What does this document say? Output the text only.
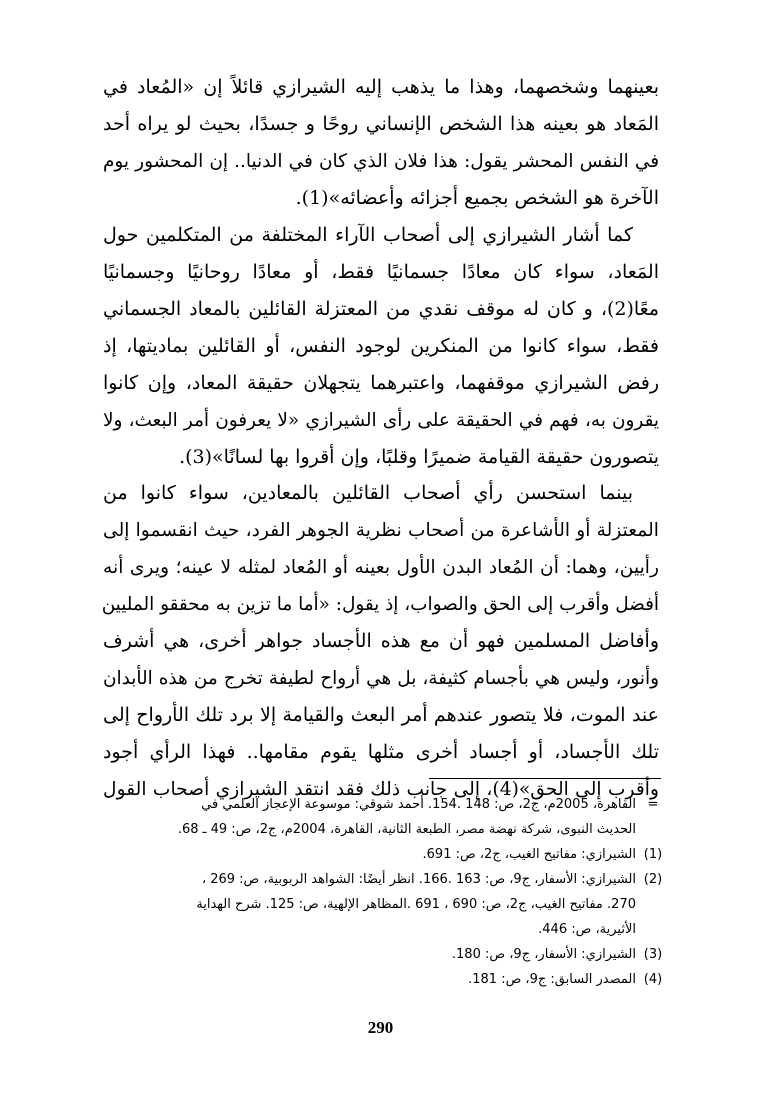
بعينهما وشخصهما، وهذا ما يذهب إليه الشيرازي قائلاً إن «المُعاد في
المَعاد هو بعينه هذا الشخص الإنساني روحًا و جسدًا، بحيث لو يراه أحد
في النفس المحشر يقول: هذا فلان الذي كان في الدنيا.. إن المحشور يوم
الآخرة هو الشخص بجميع أجزائه وأعضائه»(1).
كما أشار الشيرازي إلى أصحاب الآراء المختلفة من المتكلمين حول
المَعاد، سواء كان معادًا جسمانيًا فقط، أو معادًا روحانيًا وجسمانيًا
معًا(2)، و كان له موقف نقدي من المعتزلة القائلين بالمعاد الجسماني
فقط، سواء كانوا من المنكرين لوجود النفس، أو القائلين بماديتها، إذ
رفض الشيرازي موقفهما، واعتبرهما يتجهلان حقيقة المعاد، وإن كانوا
يقرون به، فهم في الحقيقة على رأى الشيرازي «لا يعرفون أمر البعث، ولا
يتصورون حقيقة القيامة ضميرًا وقلبًا، وإن أقروا بها لسانًا»(3).
بينما استحسن رأي أصحاب القائلين بالمعادين، سواء كانوا من
المعتزلة أو الأشاعرة من أصحاب نظرية الجوهر الفرد، حيث انقسموا إلى
رأيين، وهما: أن المُعاد البدن الأول بعينه أو المُعاد لمثله لا عينه؛ ويرى أنه
أفضل وأقرب إلى الحق والصواب، إذ يقول: «أما ما تزين به محققو المليين
وأفاضل المسلمين فهو أن مع هذه الأجساد جواهر أخرى، هي أشرف
وأنور، وليس هي بأجسام كثيفة، بل هي أرواح لطيفة تخرج من هذه الأبدان
عند الموت، فلا يتصور عندهم أمر البعث والقيامة إلا برد تلك الأرواح إلى
تلك الأجساد، أو أجساد أخرى مثلها يقوم مقامها.. فهذا الرأي أجود
وأقرب إلى الحق»(4)، إلى جانب ذلك فقد انتقد الشيرازي أصحاب القول
=
القاهرة، 2005م، ج2، ص: 148 .154. أحمد شوقي: موسوعة الإعجاز العلمي في
الحديث النبوى، شركة نهضة مصر، الطبعة الثانية، القاهرة، 2004م، ج2، ص: 49 ـ 68.
(1)
الشيرازي: مفاتيح الغيب، ج2، ص: 691.
(2)
الشيرازي: الأسفار، ج9، ص: 163 .166. انظر أيضًا: الشواهد الربوبية، ص: 269 ،
270. مفاتيح الغيب، ج2، ص: 690 ، 691 .المظاهر الإلهية، ص: 125. شرح الهداية
الأثيرية، ص: 446.
(3)
الشيرازي: الأسفار، ج9، ص: 180.
(4)
المصدر السابق: ج9، ص: 181.
290
